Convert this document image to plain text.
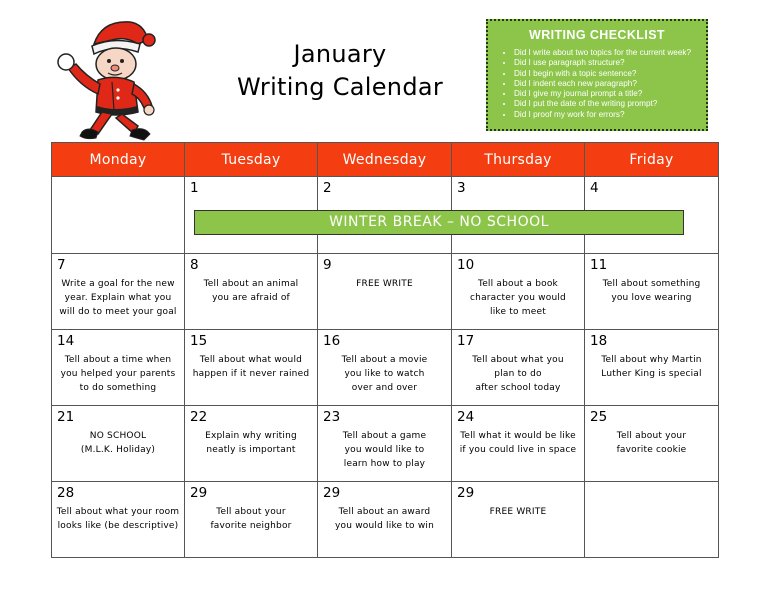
January
Writing Calendar
WRITING CHECKLIST
• Did I write about two topics for the current week?
• Did I use paragraph structure?
• Did I begin with a topic sentence?
• Did I indent each new paragraph?
• Did I give my journal prompt a title?
• Did I put the date of the writing prompt?
• Did I proof my work for errors?
Monday	Tuesday	Wednesday	Thursday	Friday

	1	2	3	4

7
Write a goal for the new
year. Explain what you
will do to meet your goal	8
Tell about an animal
you are afraid of	9
FREE WRITE	10
Tell about a book
character you would
like to meet	11
Tell about something
you love wearing

14
Tell about a time when
you helped your parents
to do something	15
Tell about what would
happen if it never rained	16
Tell about a movie
you like to watch
over and over	17
Tell about what you
plan to do
after school today	18
Tell about why Martin
Luther King is special

21
NO SCHOOL
(M.L.K. Holiday)	22
Explain why writing
neatly is important	23
Tell about a game
you would like to
learn how to play	24
Tell what it would be like
if you could live in space	25
Tell about your
favorite cookie

28
Tell about what your room
looks like (be descriptive)	29
Tell about your
favorite neighbor	29
Tell about an award
you would like to win	29
FREE WRITE	

WINTER BREAK – NO SCHOOL
